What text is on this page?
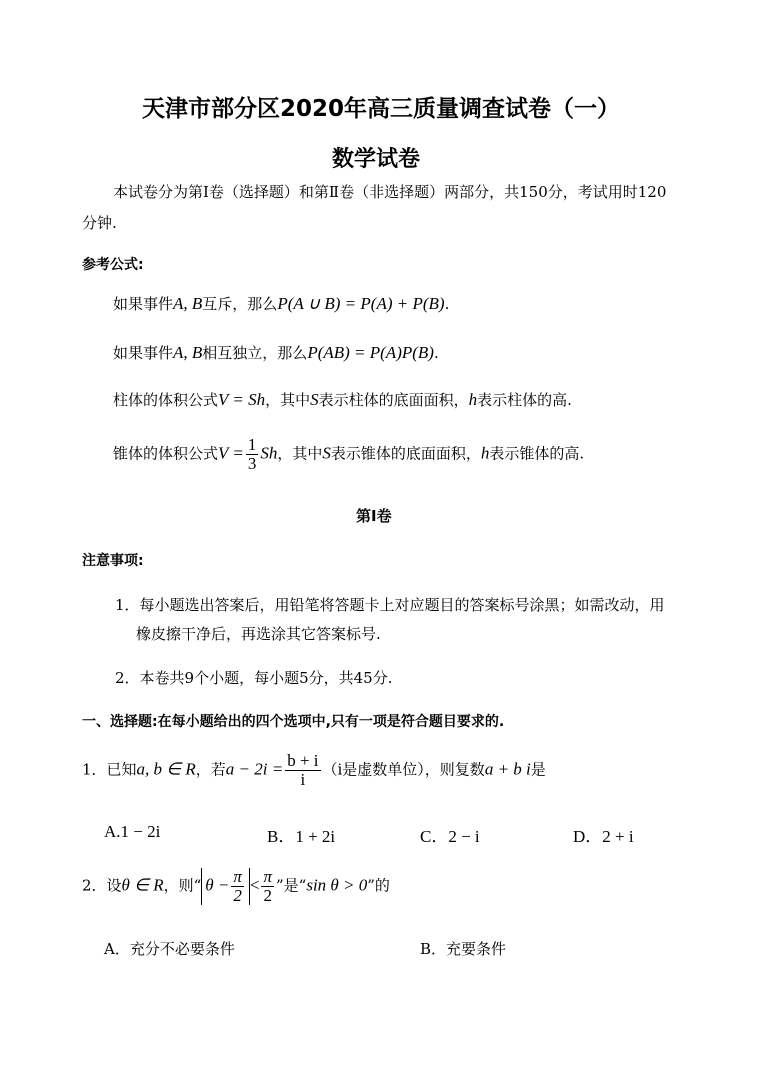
天津市部分区2020年高三质量调查试卷（一）
数学试卷
本试卷分为第Ⅰ卷（选择题）和第Ⅱ卷（非选择题）两部分，共150分，考试用时120
分钟.
参考公式:
如果事件A, B互斥，那么P(A ∪ B) = P(A) + P(B).
如果事件A, B相互独立，那么P(AB) = P(A)P(B).
柱体的体积公式V = Sh，其中S表示柱体的底面面积，h表示柱体的高.
锥体的体积公式$V = \frac{1}{3}$ Sh，其中S表示锥体的底面面积，h表示锥体的高.
第Ⅰ卷
注意事项:
1．每小题选出答案后，用铅笔将答题卡上对应题目的答案标号涂黑；如需改动，用
橡皮擦干净后，再选涂其它答案标号.
2．本卷共9个小题，每小题5分，共45分.
一、选择题:在每小题给出的四个选项中,只有一项是符合题目要求的.
1．已知a, b ∈ R，若$a - 2i = \frac{b + i}{i} (i$是虚数单位），则复数a + b i是
A.1 − 2i	B．1 + 2i	C．2 − i	D．2 + i
2．设θ ∈ R，则“ $\theta - \frac{\pi}{2} < \frac{\pi}{2}$ ”是“sin θ > 0”的
A．充分不必要条件	B．充要条件
